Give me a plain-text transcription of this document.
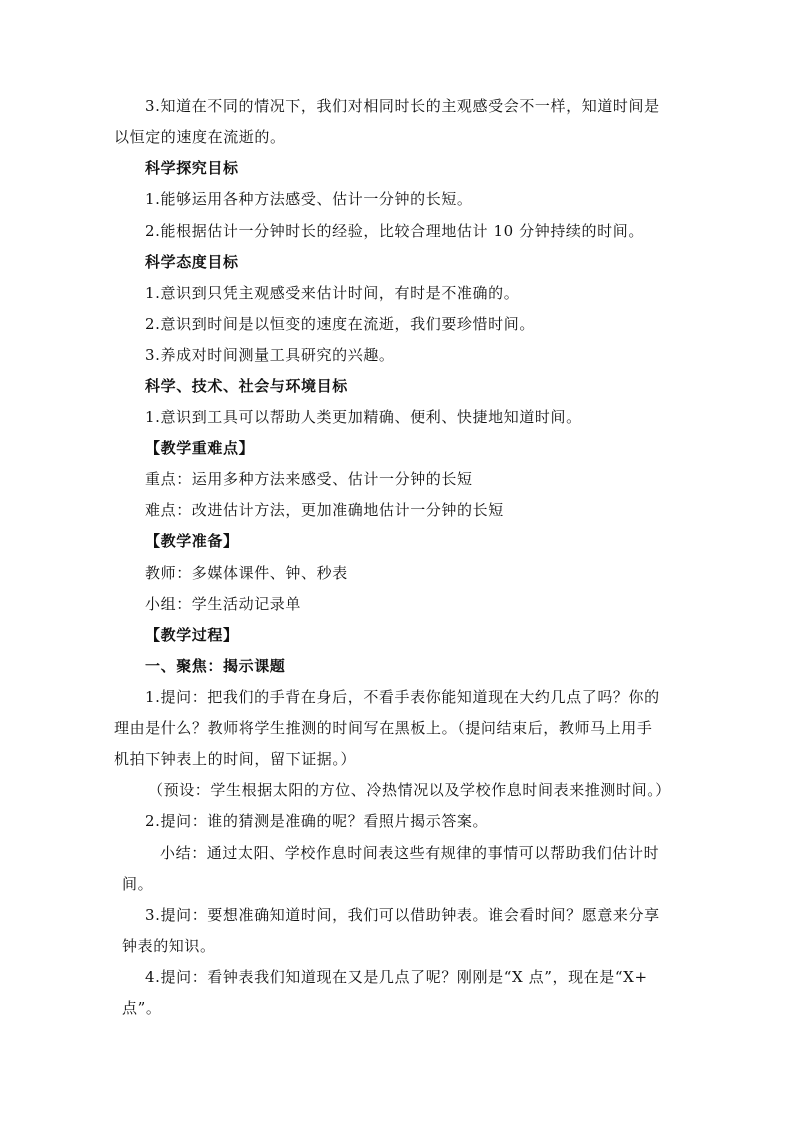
3.知道在不同的情况下，我们对相同时长的主观感受会不一样，知道时间是
以恒定的速度在流逝的。
科学探究目标
1.能够运用各种方法感受、估计一分钟的长短。
2.能根据估计一分钟时长的经验，比较合理地估计 10 分钟持续的时间。
科学态度目标
1.意识到只凭主观感受来估计时间，有时是不准确的。
2.意识到时间是以恒变的速度在流逝，我们要珍惜时间。
3.养成对时间测量工具研究的兴趣。
科学、技术、社会与环境目标
1.意识到工具可以帮助人类更加精确、便利、快捷地知道时间。
【教学重难点】
重点：运用多种方法来感受、估计一分钟的长短
难点：改进估计方法，更加准确地估计一分钟的长短
【教学准备】
教师：多媒体课件、钟、秒表
小组：学生活动记录单
【教学过程】
一、聚焦：揭示课题
1.提问：把我们的手背在身后，不看手表你能知道现在大约几点了吗？你的
理由是什么？教师将学生推测的时间写在黑板上。（提问结束后，教师马上用手
机拍下钟表上的时间，留下证据。）
（预设：学生根据太阳的方位、冷热情况以及学校作息时间表来推测时间。）
2.提问：谁的猜测是准确的呢？看照片揭示答案。
小结：通过太阳、学校作息时间表这些有规律的事情可以帮助我们估计时
间。
3.提问：要想准确知道时间，我们可以借助钟表。谁会看时间？愿意来分享
钟表的知识。
4.提问：看钟表我们知道现在又是几点了呢？刚刚是“X 点”，现在是“X+
点”。
